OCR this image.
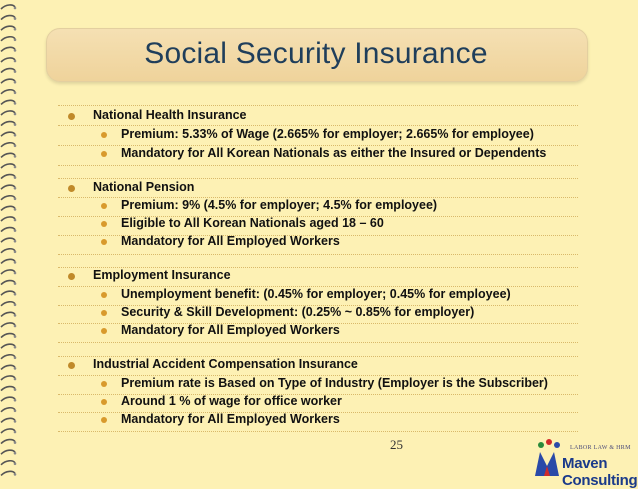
Social Security Insurance
National Health Insurance
Premium: 5.33% of Wage (2.665% for employer; 2.665% for employee)
Mandatory for All Korean Nationals as either the Insured or Dependents
National Pension
Premium: 9% (4.5% for employer; 4.5% for employee)
Eligible to All Korean Nationals aged 18 – 60
Mandatory for All Employed Workers
Employment Insurance
Unemployment benefit: (0.45% for employer; 0.45% for employee)
Security & Skill Development: (0.25% ~ 0.85% for employer)
Mandatory for All Employed Workers
Industrial Accident Compensation Insurance
Premium rate is Based on Type of Industry (Employer is the Subscriber)
Around 1 % of wage for office worker
Mandatory for All Employed Workers
25	LABOR LAW & HRM
Maven Consulting
